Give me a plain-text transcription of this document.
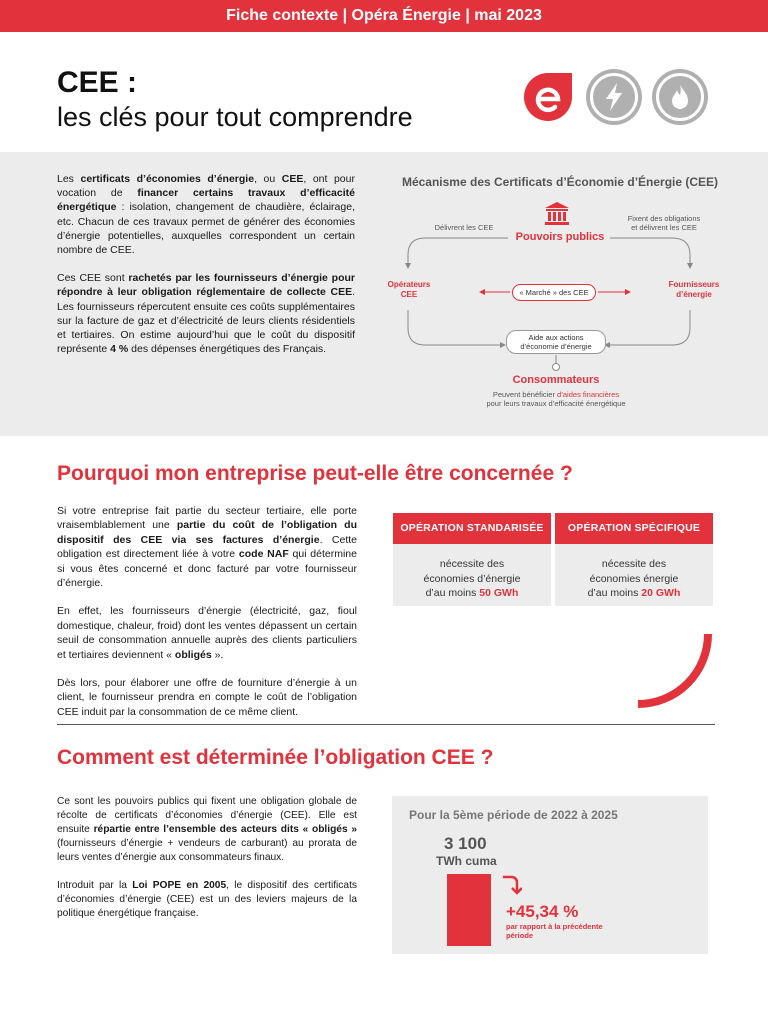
Fiche contexte | Opéra Énergie | mai 2023
CEE :
les clés pour tout comprendre

Les certificats d’économies d’énergie, ou CEE, ont pour vocation de financer certains travaux d’efficacité énergétique : isolation, changement de chaudière, éclairage, etc. Chacun de ces travaux permet de générer des économies d’énergie potentielles, auxquelles correspondent un certain nombre de CEE.

Ces CEE sont rachetés par les fournisseurs d’énergie pour répondre à leur obligation réglementaire de collecte CEE. Les fournisseurs répercutent ensuite ces coûts supplémentaires sur la facture de gaz et d’électricité de leurs clients résidentiels et tertiaires. On estime aujourd’hui que le coût du dispositif représente 4 % des dépenses énergétiques des Français.

Mécanisme des Certificats d’Économie d’Énergie (CEE)
Pouvoirs publics
Délivrent les CEE
Fixent des obligations
et délivrent les CEE
Opérateurs
CEE	« Marché » des CEE
Fournisseurs
d’énergie
Aide aux actions
d’économie d’énergie
Consommateurs
Peuvent bénéficier d’aides financières
pour leurs travaux d’efficacité énergétique
Pourquoi mon entreprise peut-elle être concernée ?

Si votre entreprise fait partie du secteur tertiaire, elle porte vraisemblablement une partie du coût de l’obligation du dispositif des CEE via ses factures d’énergie. Cette obligation est directement liée à votre code NAF qui détermine si vous êtes concerné et donc facturé par votre fournisseur d’énergie.

En effet, les fournisseurs d’énergie (électricité, gaz, fioul domestique, chaleur, froid) dont les ventes dépassent un certain seuil de consommation annuelle auprès des clients particuliers et tertiaires deviennent « obligés ».

Dès lors, pour élaborer une offre de fourniture d’énergie à un client, le fournisseur prendra en compte le coût de l’obligation CEE induit par la consommation de ce même client.

OPÉRATION STANDARISÉE
nécessite des
économies d’énergie
d’au moins 50 GWh
OPÉRATION SPÉCIFIQUE
nécessite des
économies énergie
d’au moins 20 GWh
Comment est déterminée l’obligation CEE ?

Ce sont les pouvoirs publics qui fixent une obligation globale de récolte de certificats d’économies d’énergie (CEE). Elle est ensuite répartie entre l’ensemble des acteurs dits « obligés » (fournisseurs d’énergie + vendeurs de carburant) au prorata de leurs ventes d’énergie aux consommateurs finaux.

Introduit par la Loi POPE en 2005, le dispositif des certificats d’économies d’énergie (CEE) est un des leviers majeurs de la politique énergétique française.

Pour la 5ème période de 2022 à 2025
3 100
TWh cuma
+45,34 %
par rapport à la précédente
période
